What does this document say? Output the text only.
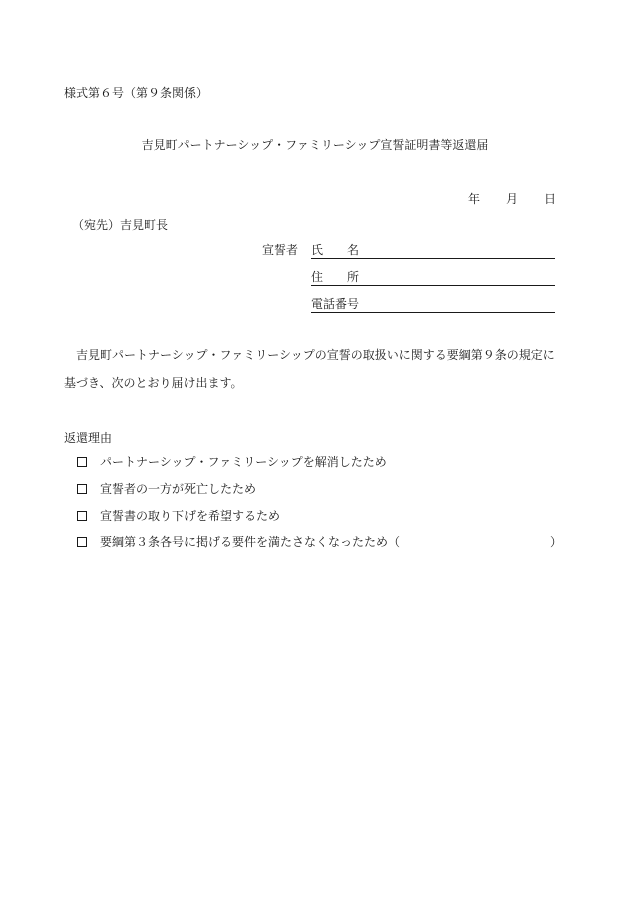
様式第６号（第９条関係）
吉見町パートナーシップ・ファミリーシップ宣誓証明書等返還届
年 月 日
（宛先）吉見町長
宣誓者 氏 名
住 所
電話番号
吉見町パートナーシップ・ファミリーシップの宣誓の取扱いに関する要綱第９条の規定に
基づき、次のとおり届け出ます。
返還理由
パートナーシップ・ファミリーシップを解消したため
宣誓者の一方が死亡したため
宣誓書の取り下げを希望するため
要綱第３条各号に掲げる要件を満たさなくなったため（	）
